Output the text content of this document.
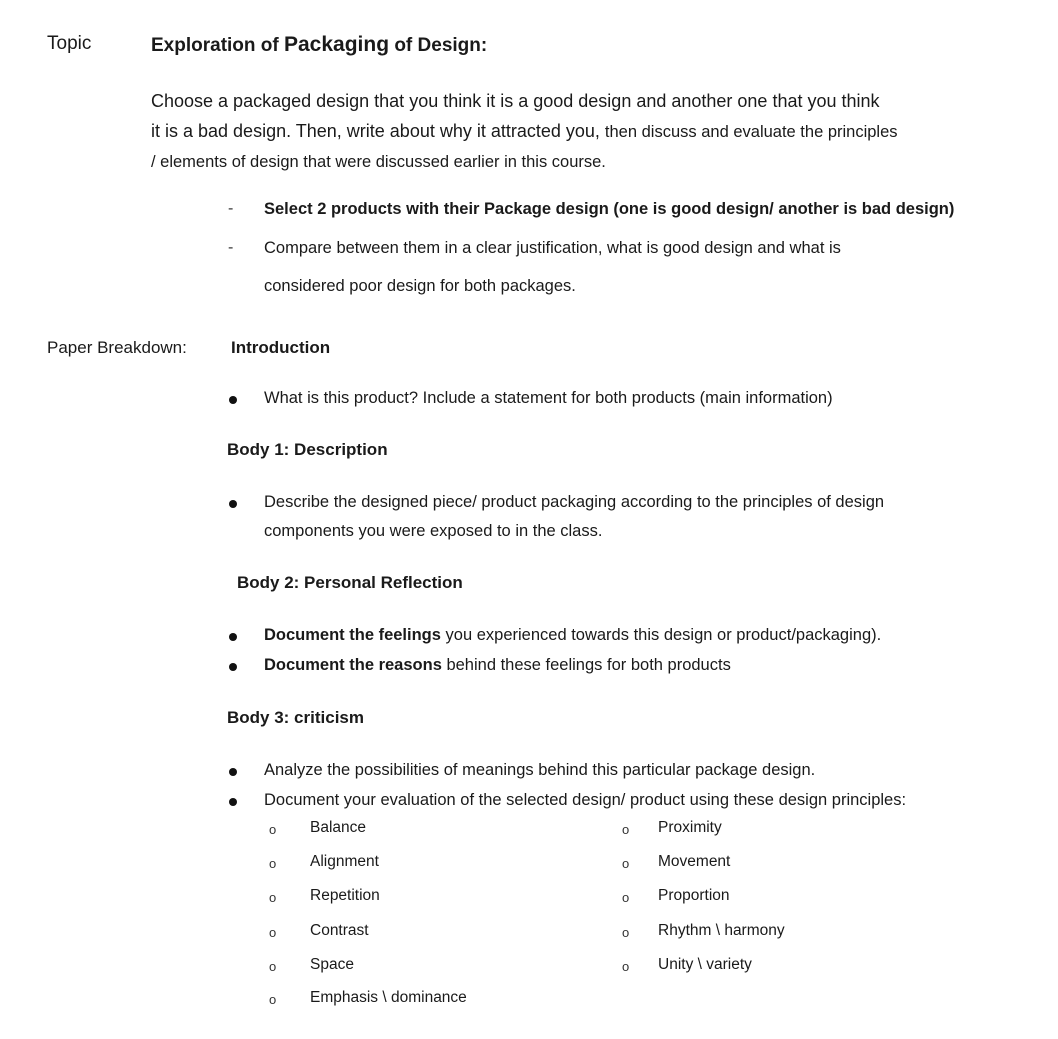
Topic	Exploration of Packaging of Design:
Choose a packaged design that you think it is a good design and another one that you think
it is a bad design. Then, write about why it attracted you, then discuss and evaluate the principles
/ elements of design that were discussed earlier in this course.
- Select 2 products with their Package design (one is good design/ another is bad design)
- Compare between them in a clear justification, what is good design and what is
considered poor design for both packages.
Paper Breakdown:	Introduction
What is this product? Include a statement for both products (main information)
Body 1: Description
Describe the designed piece/ product packaging according to the principles of design
components you were exposed to in the class.
Body 2: Personal Reflection
Document the feelings you experienced towards this design or product/packaging).
Document the reasons behind these feelings for both products
Body 3: criticism
Analyze the possibilities of meanings behind this particular package design.
Document your evaluation of the selected design/ product using these design principles:
o Balance
o Alignment
o Repetition
o Contrast
o Space
o Emphasis \ dominance
o Proximity
o Movement
o Proportion
o Rhythm \ harmony
o Unity \ variety
